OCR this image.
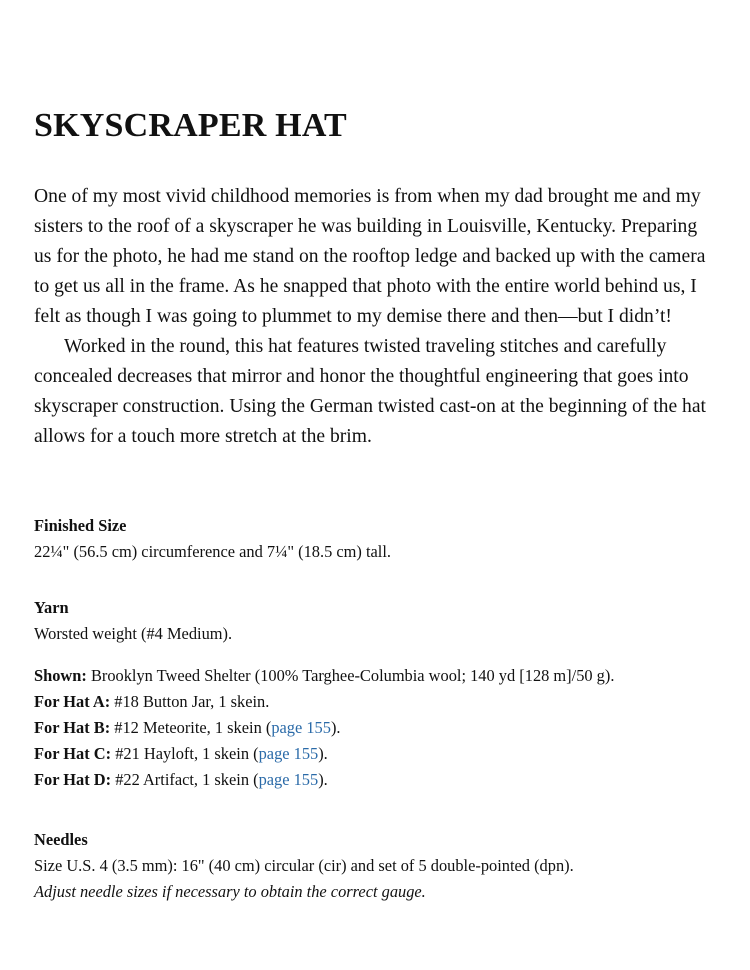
SKYSCRAPER HAT

One of my most vivid childhood memories is from when my dad brought me and my sisters to the roof of a skyscraper he was building in Louisville, Kentucky. Preparing us for the photo, he had me stand on the rooftop ledge and backed up with the camera to get us all in the frame. As he snapped that photo with the entire world behind us, I felt as though I was going to plummet to my demise there and then—but I didn’t!

Worked in the round, this hat features twisted traveling stitches and carefully concealed decreases that mirror and honor the thoughtful engineering that goes into skyscraper construction. Using the German twisted cast-on at the beginning of the hat allows for a touch more stretch at the brim.

Finished Size
22¼" (56.5 cm) circumference and 7¼" (18.5 cm) tall.
Yarn
Worsted weight (#4 Medium).
Shown: Brooklyn Tweed Shelter (100% Targhee-Columbia wool; 140 yd [128 m]/50 g).
For Hat A: #18 Button Jar, 1 skein.
For Hat B: #12 Meteorite, 1 skein (page 155).
For Hat C: #21 Hayloft, 1 skein (page 155).
For Hat D: #22 Artifact, 1 skein (page 155).
Needles
Size U.S. 4 (3.5 mm): 16" (40 cm) circular (cir) and set of 5 double-pointed (dpn).
Adjust needle sizes if necessary to obtain the correct gauge.
